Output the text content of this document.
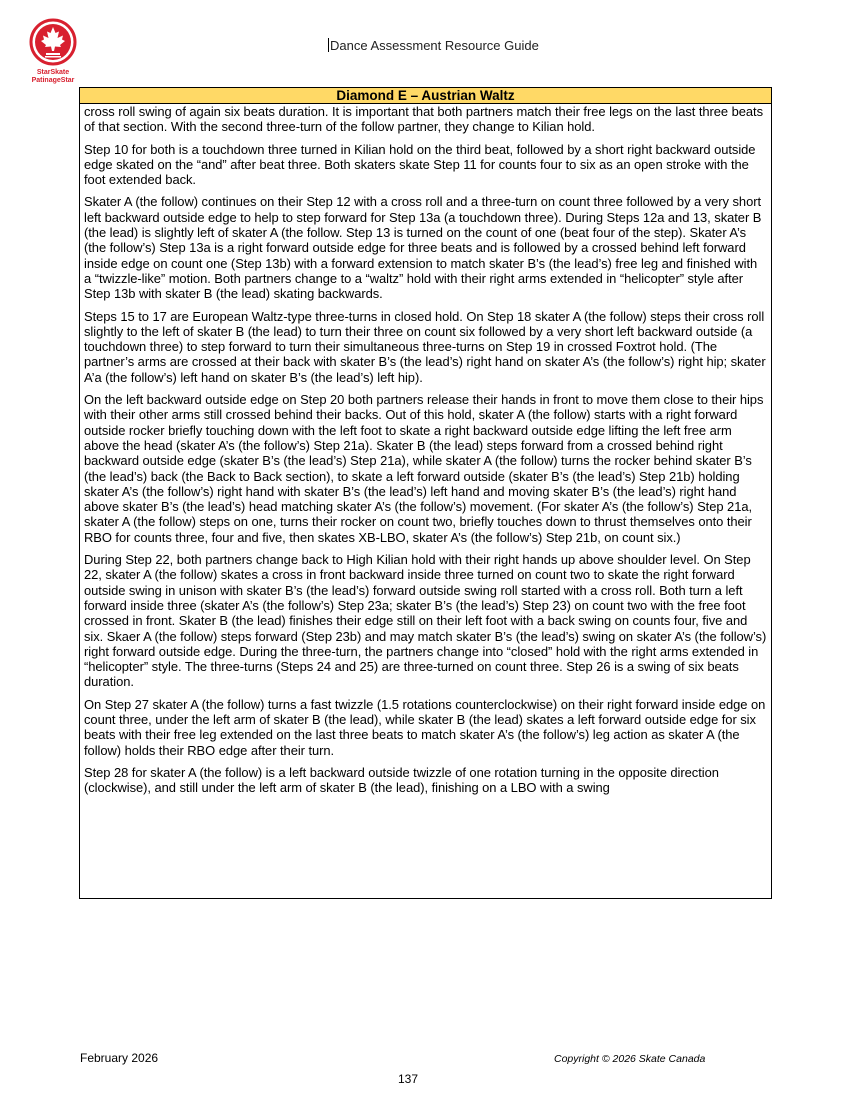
StarSkate
PatinageStar
Dance Assessment Resource Guide
Diamond E – Austrian Waltz

cross roll swing of again six beats duration. It is important that both partners match their free legs on the last three beats of that section. With the second three-turn of the follow partner, they change to Kilian hold.

Step 10 for both is a touchdown three turned in Kilian hold on the third beat, followed by a short right backward outside edge skated on the “and” after beat three. Both skaters skate Step 11 for counts four to six as an open stroke with the foot extended back.

Skater A (the follow) continues on their Step 12 with a cross roll and a three-turn on count three followed by a very short left backward outside edge to help to step forward for Step 13a (a touchdown three). During Steps 12a and 13, skater B (the lead) is slightly left of skater A (the follow. Step 13 is turned on the count of one (beat four of the step). Skater A’s (the follow’s) Step 13a is a right forward outside edge for three beats and is followed by a crossed behind left forward inside edge on count one (Step 13b) with a forward extension to match skater B’s (the lead’s) free leg and finished with a “twizzle-like” motion. Both partners change to a “waltz” hold with their right arms extended in “helicopter” style after Step 13b with skater B (the lead) skating backwards.

Steps 15 to 17 are European Waltz-type three-turns in closed hold. On Step 18 skater A (the follow) steps their cross roll slightly to the left of skater B (the lead) to turn their three on count six followed by a very short left backward outside (a touchdown three) to step forward to turn their simultaneous three-turns on Step 19 in crossed Foxtrot hold. (The partner’s arms are crossed at their back with skater B’s (the lead’s) right hand on skater A’s (the follow’s) right hip; skater A’a (the follow’s) left hand on skater B’s (the lead’s) left hip).

On the left backward outside edge on Step 20 both partners release their hands in front to move them close to their hips with their other arms still crossed behind their backs. Out of this hold, skater A (the follow) starts with a right forward outside rocker briefly touching down with the left foot to skate a right backward outside edge lifting the left free arm above the head (skater A’s (the follow’s) Step 21a). Skater B (the lead) steps forward from a crossed behind right backward outside edge (skater B’s (the lead’s) Step 21a), while skater A (the follow) turns the rocker behind skater B’s (the lead’s) back (the Back to Back section), to skate a left forward outside (skater B’s (the lead’s) Step 21b) holding skater A’s (the follow’s) right hand with skater B’s (the lead’s) left hand and moving skater B’s (the lead’s) right hand above skater B’s (the lead’s) head matching skater A’s (the follow’s) movement. (For skater A’s (the follow’s) Step 21a, skater A (the follow) steps on one, turns their rocker on count two, briefly touches down to thrust themselves onto their RBO for counts three, four and five, then skates XB-LBO, skater A’s (the follow’s) Step 21b, on count six.)

During Step 22, both partners change back to High Kilian hold with their right hands up above shoulder level. On Step 22, skater A (the follow) skates a cross in front backward inside three turned on count two to skate the right forward outside swing in unison with skater B’s (the lead’s) forward outside swing roll started with a cross roll. Both turn a left forward inside three (skater A’s (the follow’s) Step 23a; skater B’s (the lead’s) Step 23) on count two with the free foot crossed in front. Skater B (the lead) finishes their edge still on their left foot with a back swing on counts four, five and six. Skaer A (the follow) steps forward (Step 23b) and may match skater B’s (the lead’s) swing on skater A’s (the follow’s) right forward outside edge. During the three-turn, the partners change into “closed” hold with the right arms extended in “helicopter” style. The three-turns (Steps 24 and 25) are three-turned on count three. Step 26 is a swing of six beats duration.

On Step 27 skater A (the follow) turns a fast twizzle (1.5 rotations counterclockwise) on their right forward inside edge on count three, under the left arm of skater B (the lead), while skater B (the lead) skates a left forward outside edge for six beats with their free leg extended on the last three beats to match skater A’s (the follow’s) leg action as skater A (the follow) holds their RBO edge after their turn.

Step 28 for skater A (the follow) is a left backward outside twizzle of one rotation turning in the opposite direction (clockwise), and still under the left arm of skater B (the lead), finishing on a LBO with a swing

February 2026	Copyright © 2026 Skate Canada
137
